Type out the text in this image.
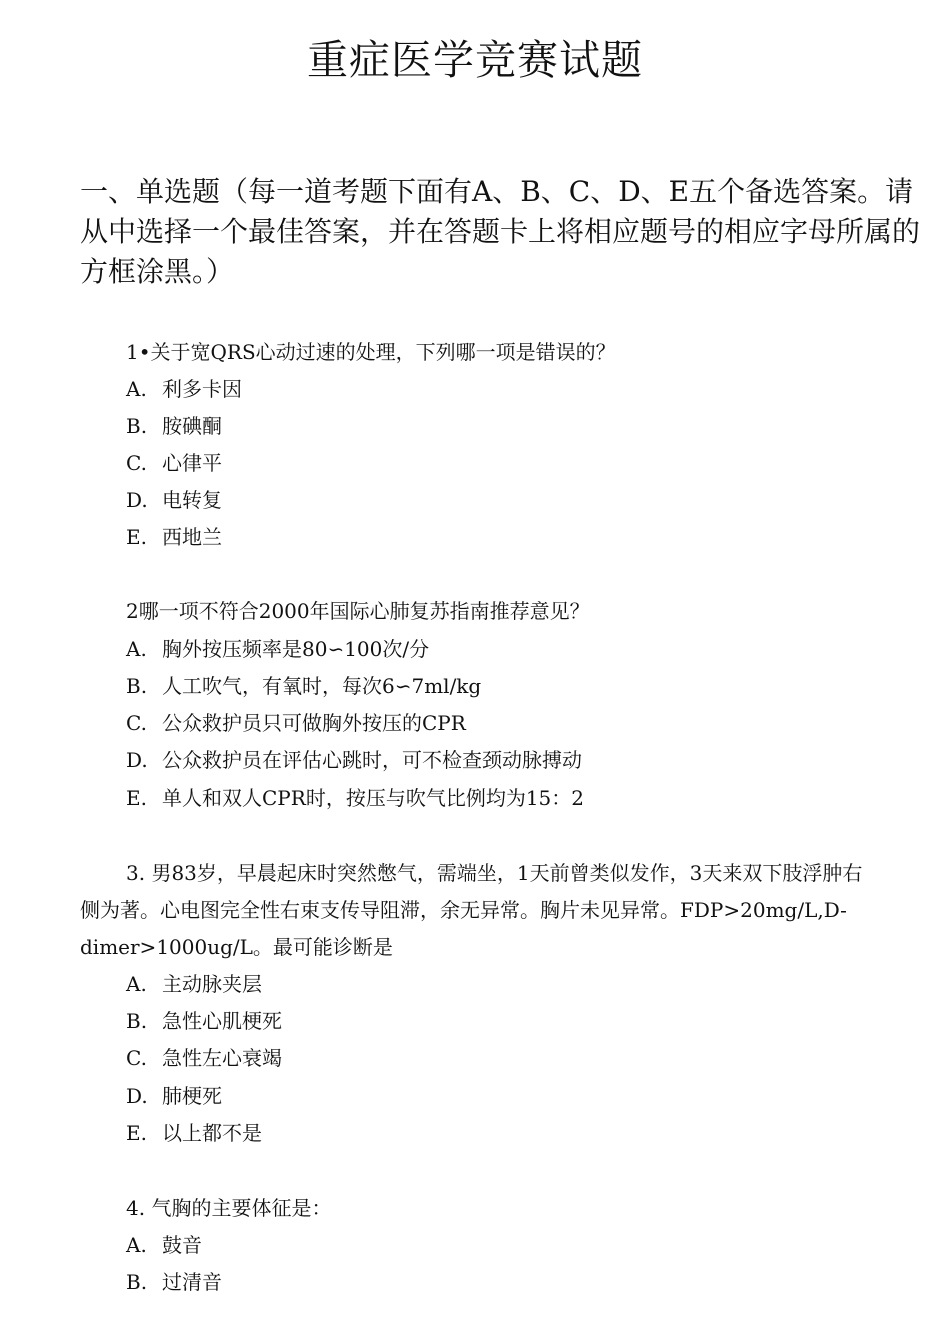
重症医学竞赛试题
一、单选题（每一道考题下面有A、B、C、D、E五个备选答案。请从中选择一个最佳答案，并在答题卡上将相应题号的相应字母所属的方框涂黑。）
1•关于宽QRS心动过速的处理，下列哪一项是错误的？
A. 利多卡因
B. 胺碘酮
C. 心律平
D. 电转复
E. 西地兰
2哪一项不符合2000年国际心肺复苏指南推荐意见？
A. 胸外按压频率是80∽100次/分
B. 人工吹气，有氧时，每次6∽7ml/kg
C. 公众救护员只可做胸外按压的CPR
D. 公众救护员在评估心跳时，可不检查颈动脉搏动
E. 单人和双人CPR时，按压与吹气比例均为15：2
3. 男83岁，早晨起床时突然憋气，需端坐，1天前曾类似发作，3天来双下肢浮肿右侧为著。心电图完全性右束支传导阻滞，余无异常。胸片未见异常。FDP>20mg/L,D-dimer>1000ug/L。最可能诊断是
A. 主动脉夹层
B. 急性心肌梗死
C. 急性左心衰竭
D. 肺梗死
E. 以上都不是
4. 气胸的主要体征是：
A. 鼓音
B. 过清音
